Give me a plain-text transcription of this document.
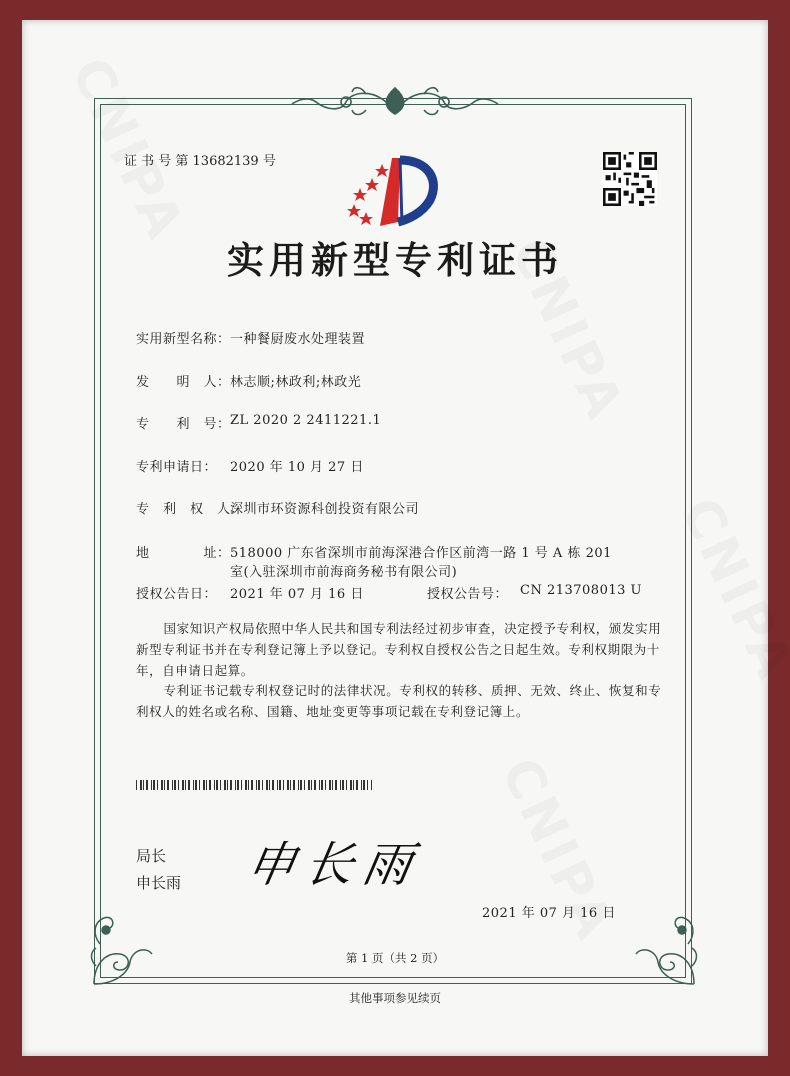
证 书 号 第 13682139 号
实用新型专利证书
实用新型名称： 一种餐厨废水处理装置
发　　明　人： 林志顺;林政利;林政光
专　　利　号： ZL 2020 2 2411221.1
专利申请日： 2020 年 10 月 27 日
专　利　权　人：
深圳市环资源科创投资有限公司
地　　　　址： 518000 广东省深圳市前海深港合作区前湾一路 1 号 A 栋 201
室(入驻深圳市前海商务秘书有限公司)
授权公告日： 2021 年 07 月 16 日	授权公告号： CN 213708013 U
国家知识产权局依照中华人民共和国专利法经过初步审查，决定授予专利权，颁发实用新型专利证书并在专利登记簿上予以登记。专利权自授权公告之日起生效。专利权期限为十年，自申请日起算。
专利证书记载专利权登记时的法律状况。专利权的转移、质押、无效、终止、恢复和专利权人的姓名或名称、国籍、地址变更等事项记载在专利登记簿上。
局长
申长雨 申长雨
2021 年 07 月 16 日
第 1 页（共 2 页）
其他事项参见续页
